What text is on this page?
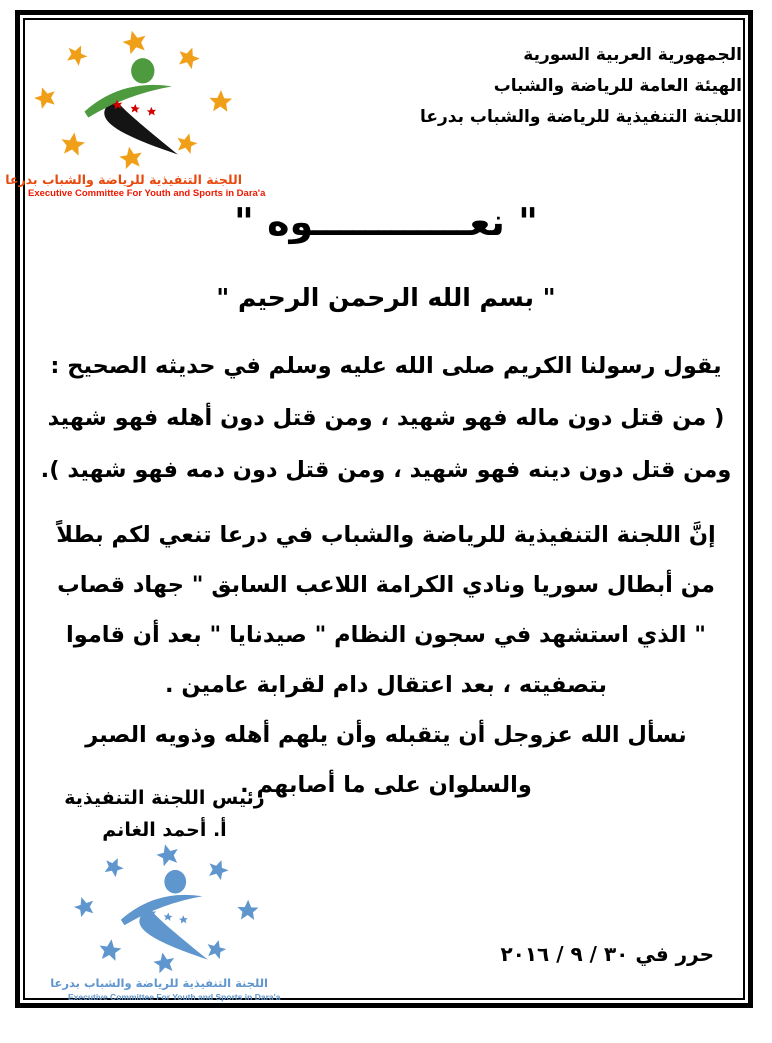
اللجنة التنفيذية للرياضة والشباب بدرعا
Executive Committee For Youth and Sports in Dara'a
الجمهورية العربية السورية
الهيئة العامة للرياضة والشباب
اللجنة التنفيذية للرياضة والشباب بدرعا
" نعــــــــــــوه "
" بسم الله الرحمن الرحيم "
يقول رسولنا الكريم صلى الله عليه وسلم في حديثه الصحيح :
( من قتل دون ماله فهو شهيد ، ومن قتل دون أهله فهو شهيد
ومن قتل دون دينه فهو شهيد ، ومن قتل دون دمه فهو شهيد ).
إنَّ اللجنة التنفيذية للرياضة والشباب في درعا تنعي لكم بطلاً
من أبطال سوريا ونادي الكرامة اللاعب السابق " جهاد قصاب
" الذي استشهد في سجون النظام " صيدنايا " بعد أن قاموا
بتصفيته ، بعد اعتقال دام لقرابة عامين .
نسأل الله عزوجل أن يتقبله وأن يلهم أهله وذويه الصبر
والسلوان على ما أصابهم .
رئيس اللجنة التنفيذية
أ. أحمد الغانم
اللجنة التنفيذية للرياضة والشباب بدرعا
Executive Committee For Youth and Sports in Dara'a
حرر في ٣٠ / ٩ / ٢٠١٦
